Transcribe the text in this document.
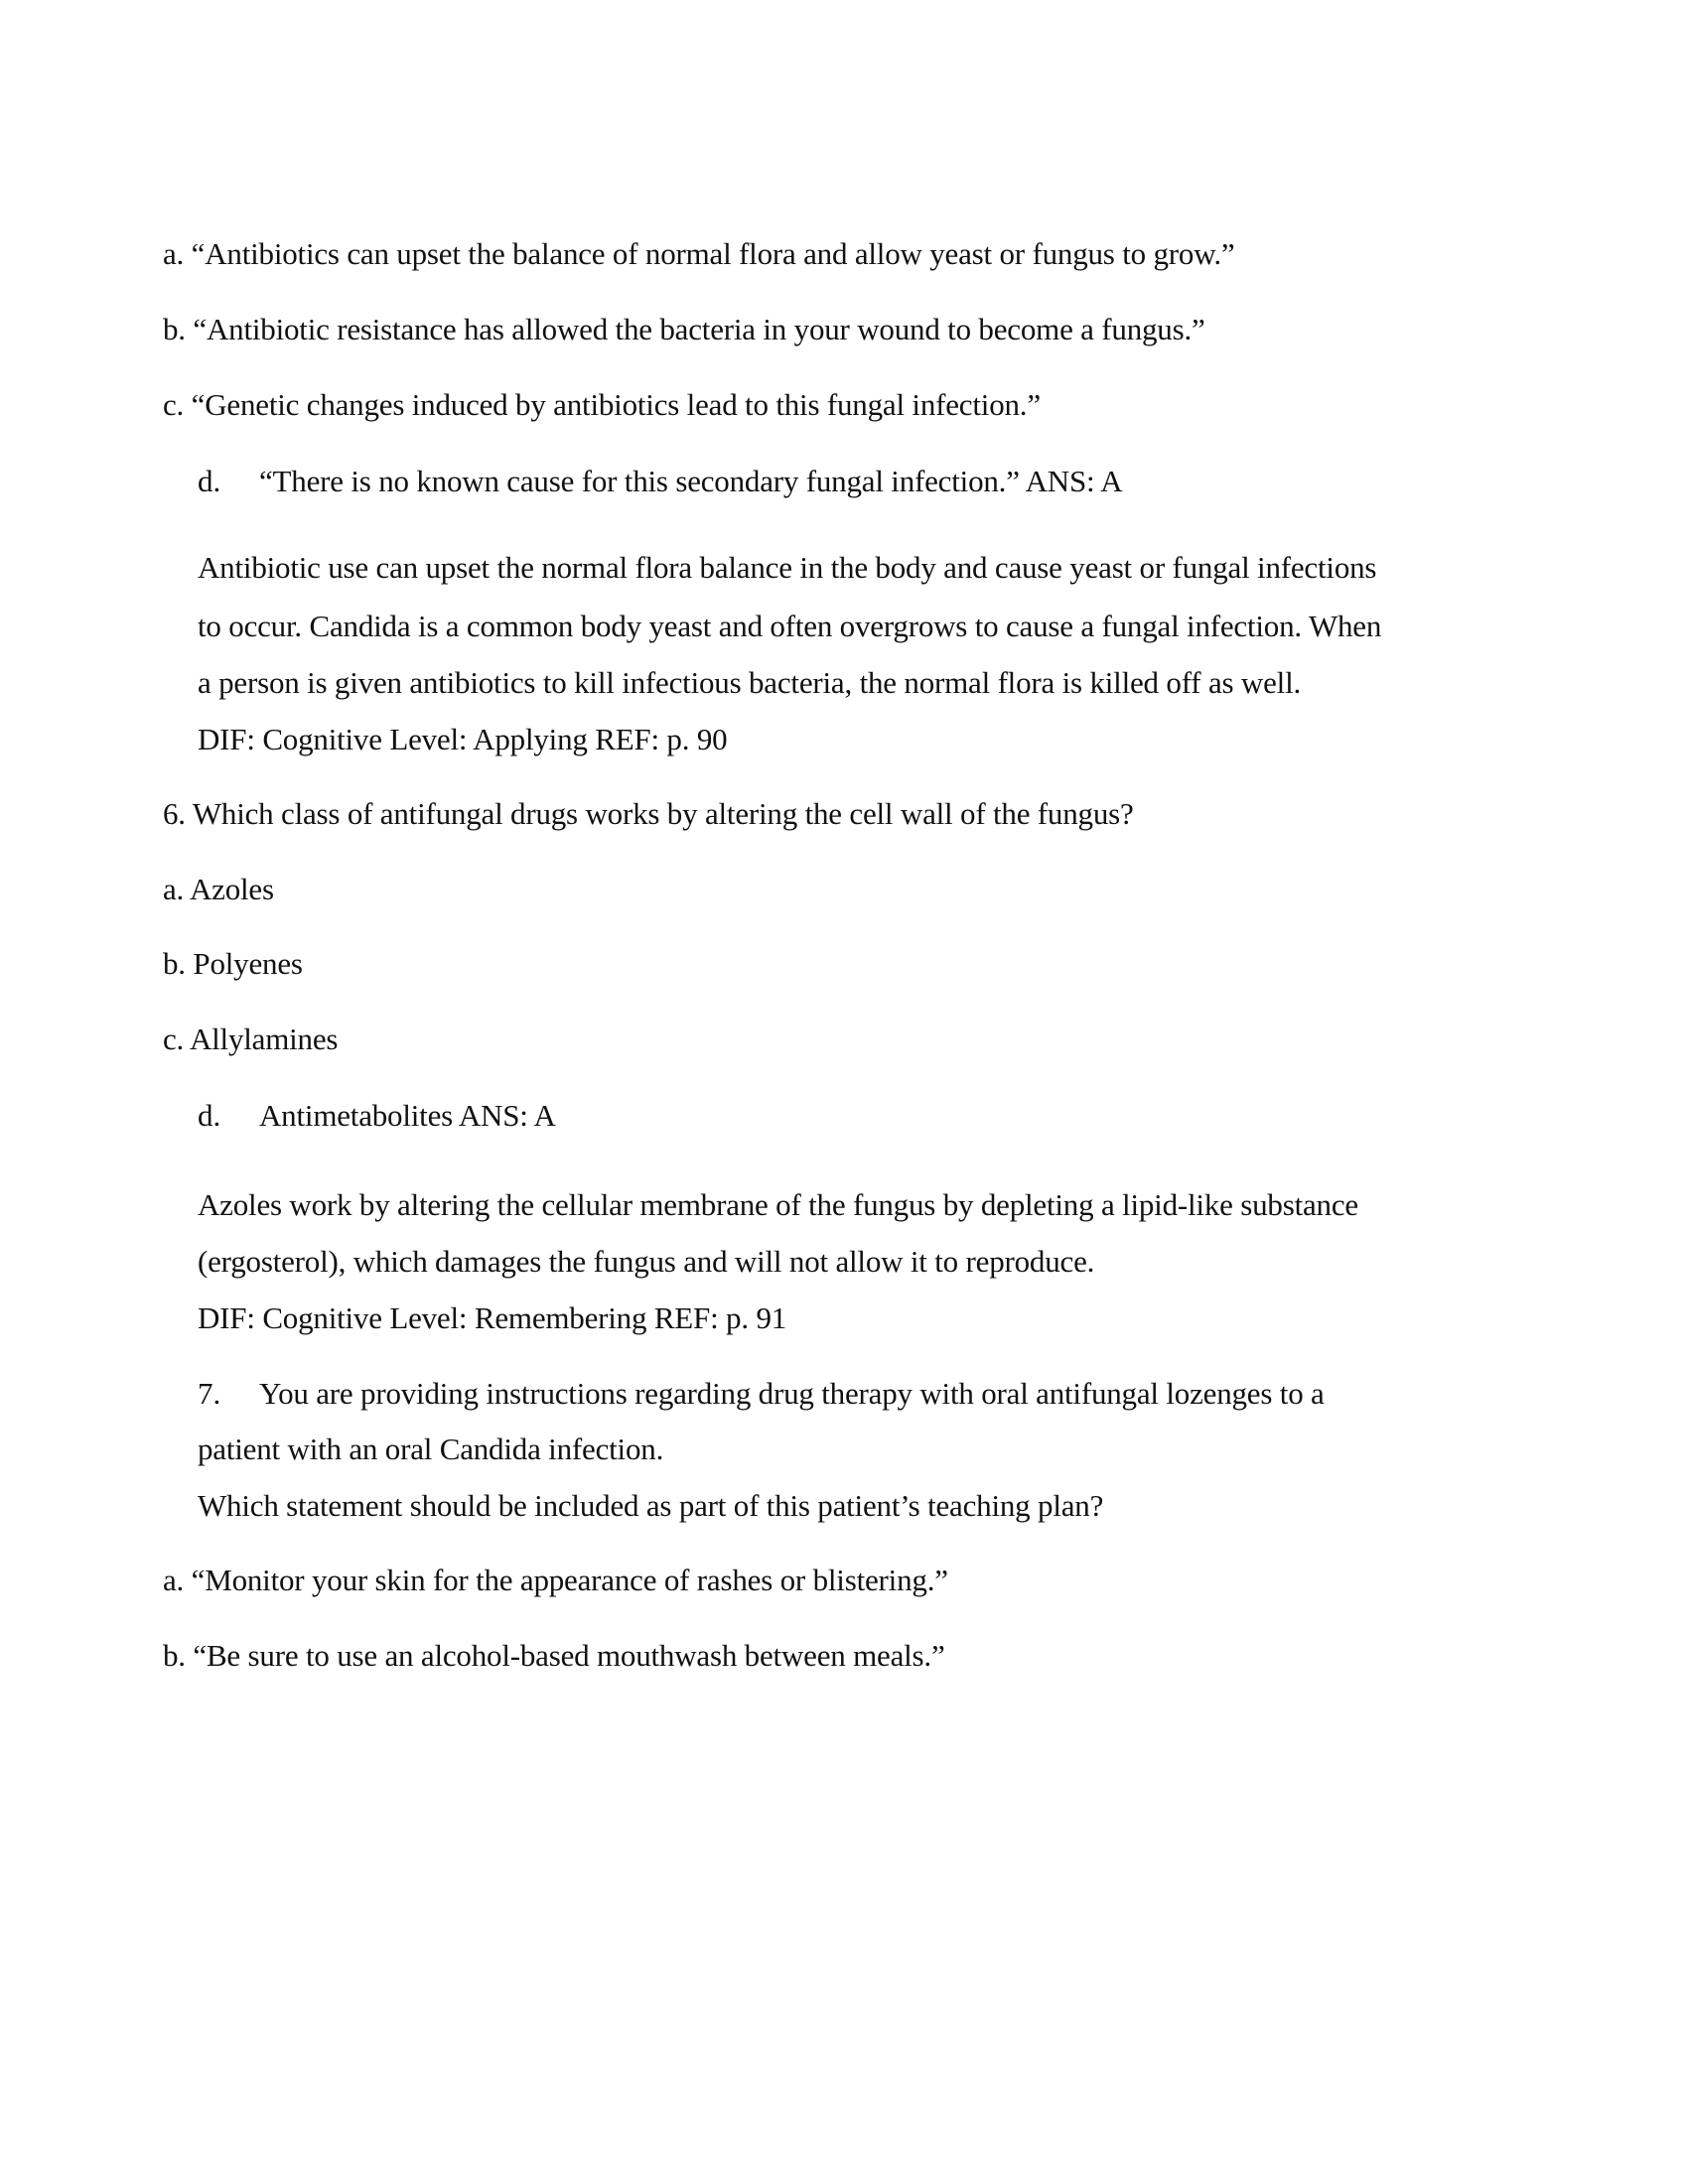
a. “Antibiotics can upset the balance of normal flora and allow yeast or fungus to grow.”
b. “Antibiotic resistance has allowed the bacteria in your wound to become a fungus.”
c. “Genetic changes induced by antibiotics lead to this fungal infection.”
d. “There is no known cause for this secondary fungal infection.” ANS: A
Antibiotic use can upset the normal flora balance in the body and cause yeast or fungal infections
to occur. Candida is a common body yeast and often overgrows to cause a fungal infection. When
a person is given antibiotics to kill infectious bacteria, the normal flora is killed off as well.
DIF: Cognitive Level: Applying REF: p. 90
6. Which class of antifungal drugs works by altering the cell wall of the fungus?
a. Azoles
b. Polyenes
c. Allylamines
d. Antimetabolites ANS: A
Azoles work by altering the cellular membrane of the fungus by depleting a lipid-like substance
(ergosterol), which damages the fungus and will not allow it to reproduce.
DIF: Cognitive Level: Remembering REF: p. 91
7. You are providing instructions regarding drug therapy with oral antifungal lozenges to a
patient with an oral Candida infection.
Which statement should be included as part of this patient’s teaching plan?
a. “Monitor your skin for the appearance of rashes or blistering.”
b. “Be sure to use an alcohol-based mouthwash between meals.”
